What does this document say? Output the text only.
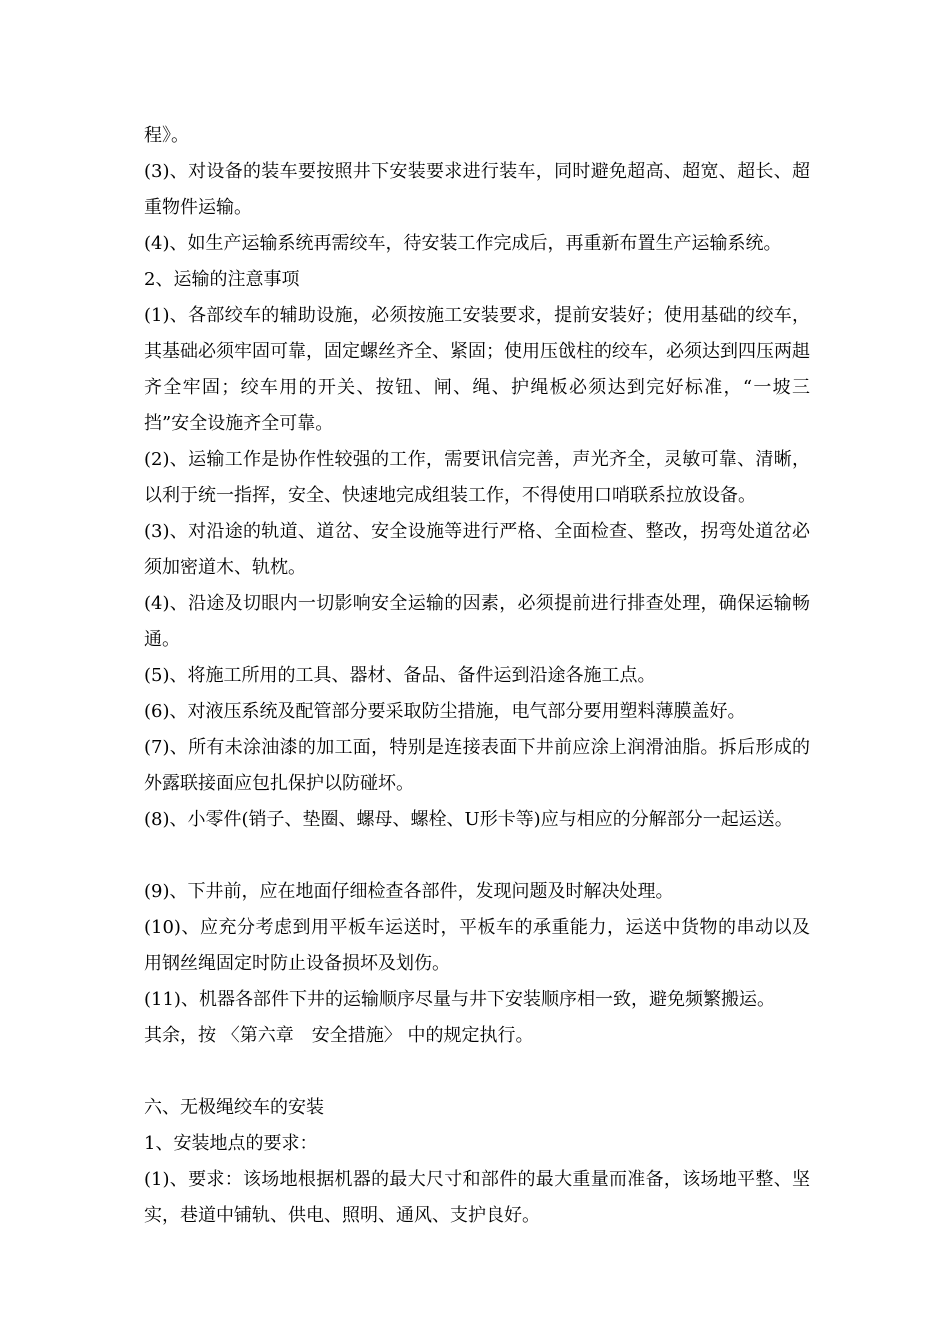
程》。

(3)、对设备的装车要按照井下安装要求进行装车，同时避免超高、超宽、超长、超重物件运输。

(4)、如生产运输系统再需绞车，待安装工作完成后，再重新布置生产运输系统。

2、运输的注意事项

(1)、各部绞车的辅助设施，必须按施工安装要求，提前安装好；使用基础的绞车，其基础必须牢固可靠，固定螺丝齐全、紧固；使用压戗柱的绞车，必须达到四压两趄齐全牢固；绞车用的开关、按钮、闸、绳、护绳板必须达到完好标准，“一坡三挡”安全设施齐全可靠。

(2)、运输工作是协作性较强的工作，需要讯信完善，声光齐全，灵敏可靠、清晰，以利于统一指挥，安全、快速地完成组装工作，不得使用口哨联系拉放设备。

(3)、对沿途的轨道、道岔、安全设施等进行严格、全面检查、整改，拐弯处道岔必须加密道木、轨枕。

(4)、沿途及切眼内一切影响安全运输的因素，必须提前进行排查处理，确保运输畅通。

(5)、将施工所用的工具、器材、备品、备件运到沿途各施工点。

(6)、对液压系统及配管部分要采取防尘措施，电气部分要用塑料薄膜盖好。

(7)、所有未涂油漆的加工面，特别是连接表面下井前应涂上润滑油脂。拆后形成的外露联接面应包扎保护以防碰坏。

(8)、小零件(销子、垫圈、螺母、螺栓、U形卡等)应与相应的分解部分一起运送。

(9)、下井前，应在地面仔细检查各部件，发现问题及时解决处理。

(10)、应充分考虑到用平板车运送时，平板车的承重能力，运送中货物的串动以及用钢丝绳固定时防止设备损坏及划伤。

(11)、机器各部件下井的运输顺序尽量与井下安装顺序相一致，避免频繁搬运。

其余，按 〈第六章　安全措施〉 中的规定执行。

六、无极绳绞车的安装

1、安装地点的要求：

(1)、要求：该场地根据机器的最大尺寸和部件的最大重量而准备，该场地平整、坚实，巷道中铺轨、供电、照明、通风、支护良好。
